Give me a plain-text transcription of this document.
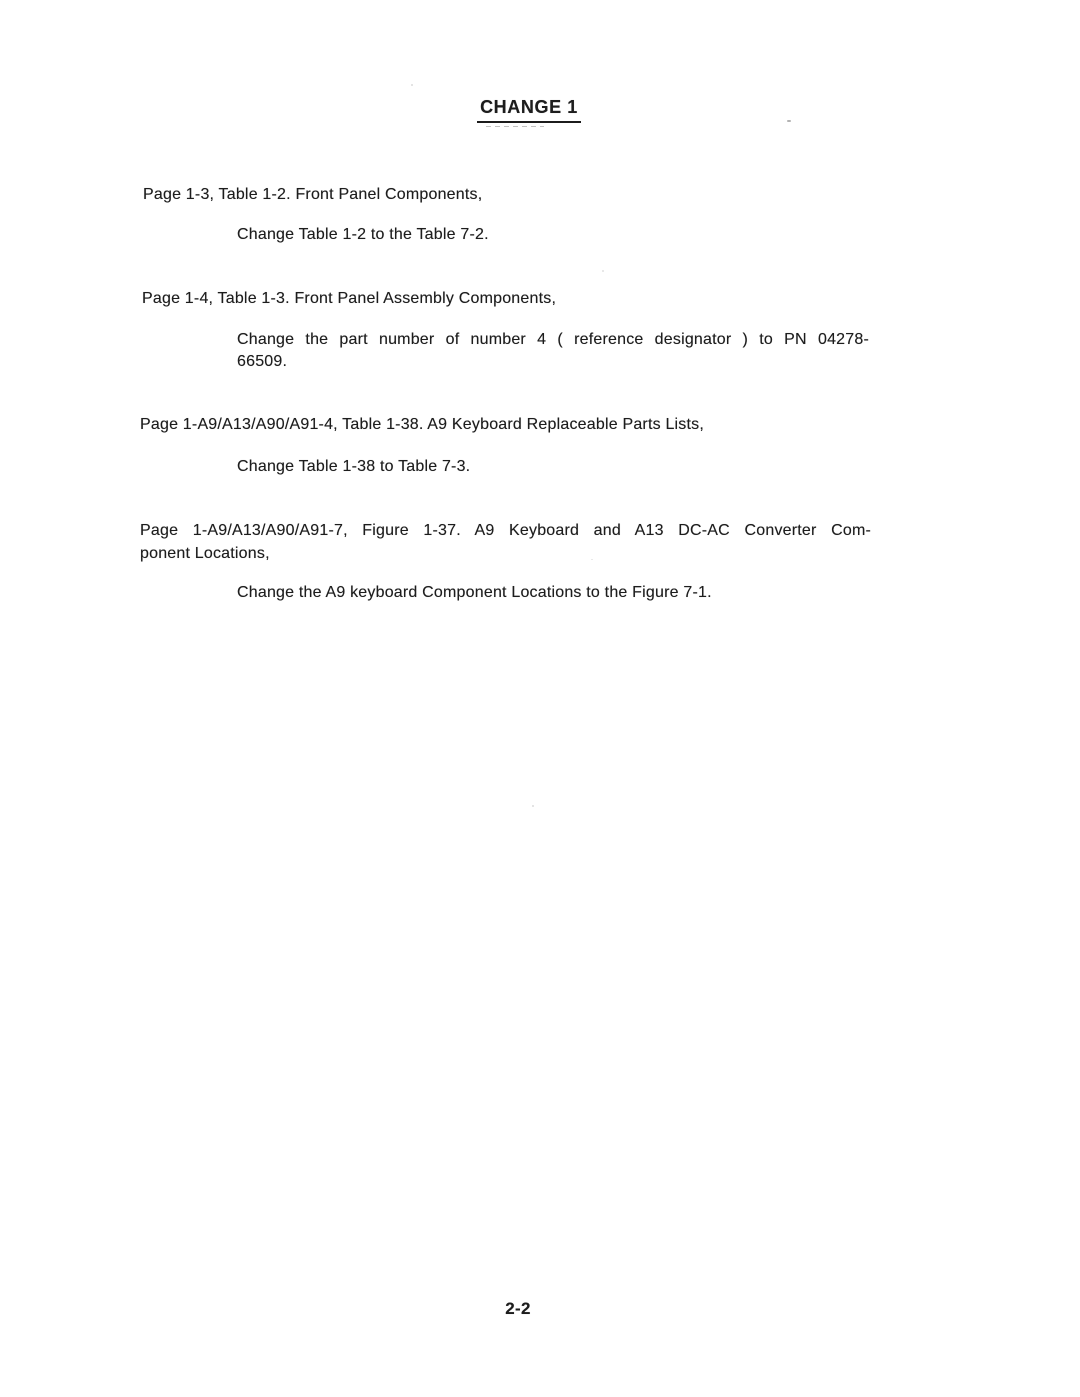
CHANGE 1
Page 1-3, Table 1-2. Front Panel Components,
Change Table 1-2 to the Table 7-2.
Page 1-4, Table 1-3. Front Panel Assembly Components,
Change the part number of number 4 ( reference designator ) to PN 04278-
66509.
Page 1-A9/A13/A90/A91-4, Table 1-38. A9 Keyboard Replaceable Parts Lists,
Change Table 1-38 to Table 7-3.
Page 1-A9/A13/A90/A91-7, Figure 1-37. A9 Keyboard and A13 DC-AC Converter Com-
ponent Locations,
Change the A9 keyboard Component Locations to the Figure 7-1.
2-2
